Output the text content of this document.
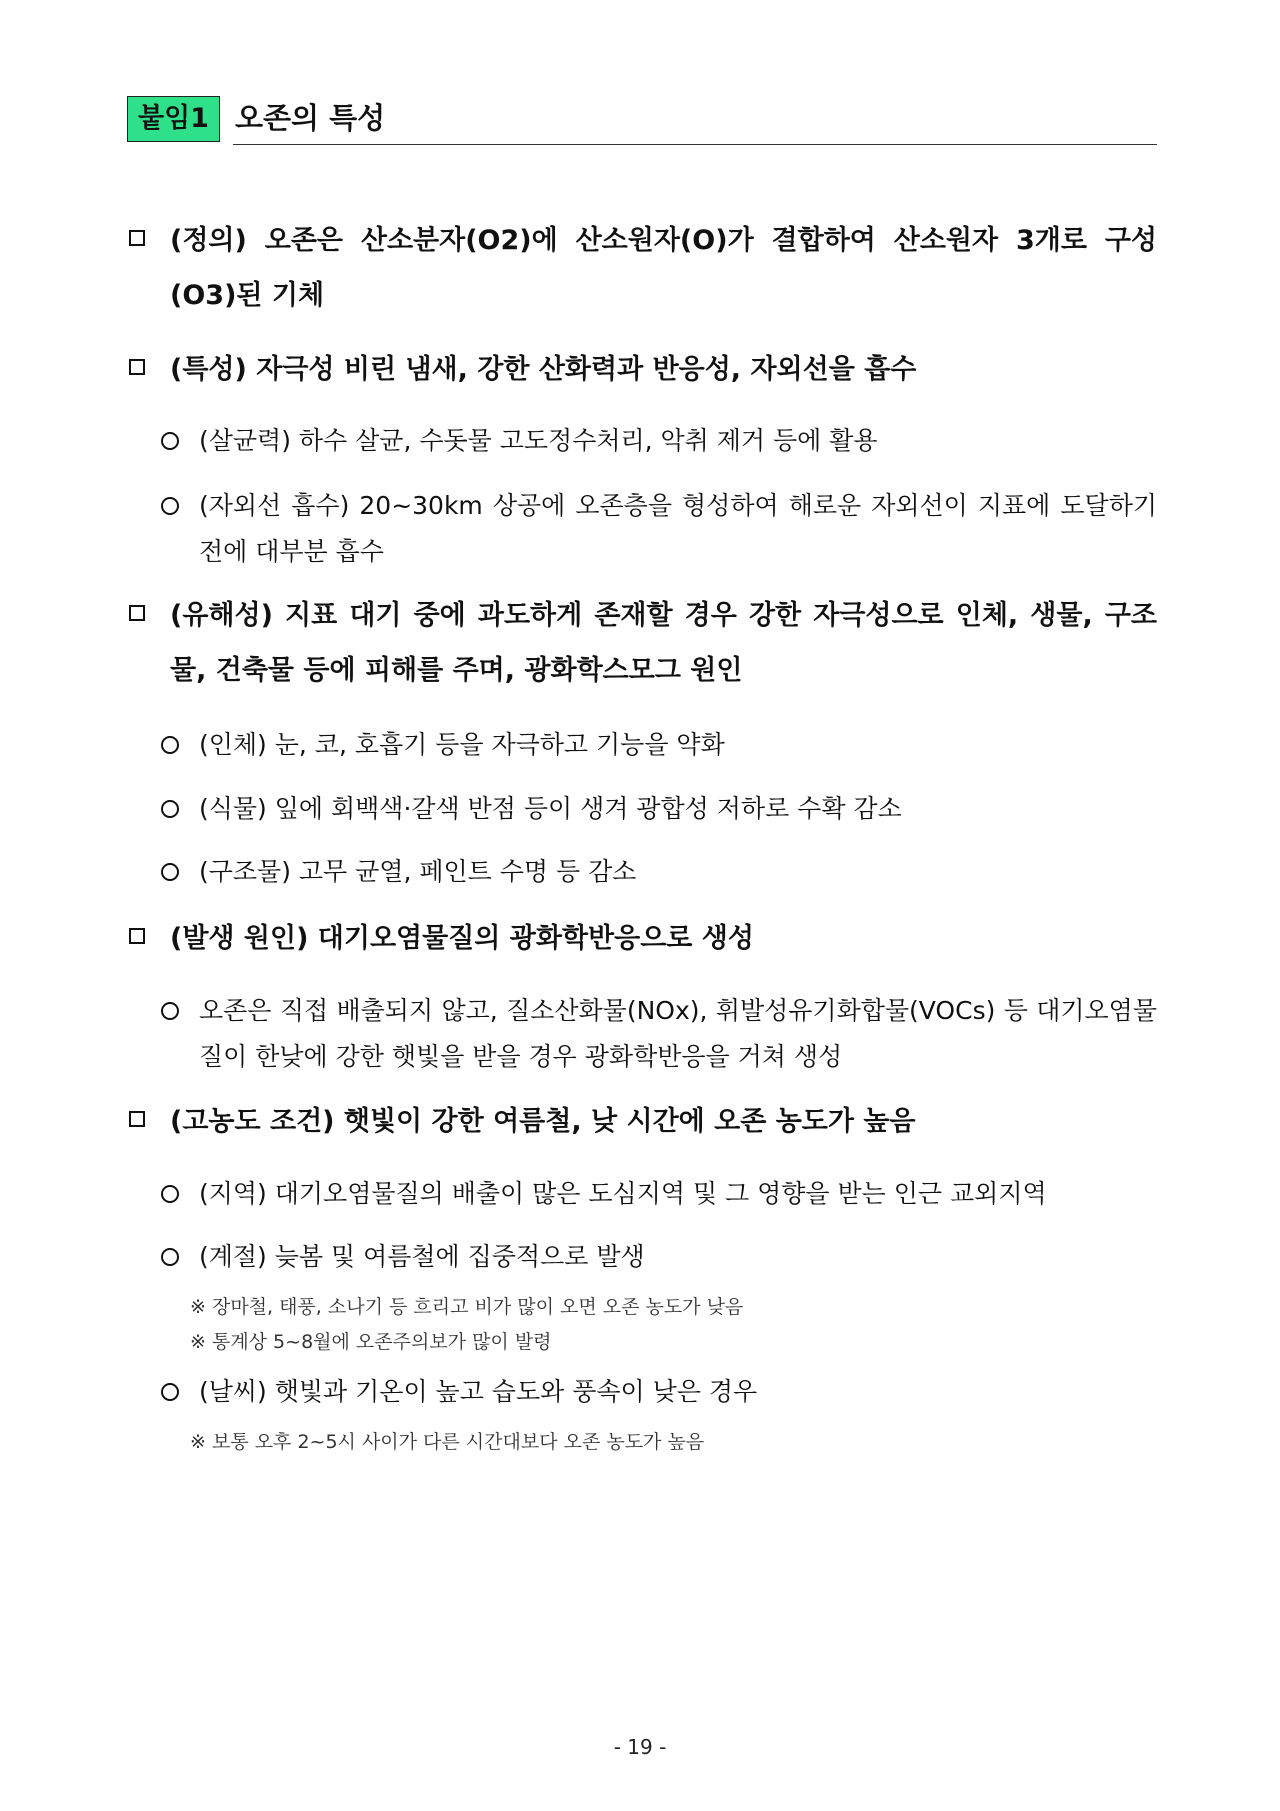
붙임1 오존의 특성
(정의) 오존은 산소분자(O2)에 산소원자(O)가 결합하여 산소원자 3개로 구성(O3)된 기체
(특성) 자극성 비린 냄새, 강한 산화력과 반응성, 자외선을 흡수
(살균력) 하수 살균, 수돗물 고도정수처리, 악취 제거 등에 활용
(자외선 흡수) 20~30km 상공에 오존층을 형성하여 해로운 자외선이 지표에 도달하기 전에 대부분 흡수
(유해성) 지표 대기 중에 과도하게 존재할 경우 강한 자극성으로 인체, 생물, 구조물, 건축물 등에 피해를 주며, 광화학스모그 원인
(인체) 눈, 코, 호흡기 등을 자극하고 기능을 약화
(식물) 잎에 회백색·갈색 반점 등이 생겨 광합성 저하로 수확 감소
(구조물) 고무 균열, 페인트 수명 등 감소
(발생 원인) 대기오염물질의 광화학반응으로 생성
오존은 직접 배출되지 않고, 질소산화물(NOx), 휘발성유기화합물(VOCs) 등 대기오염물질이 한낮에 강한 햇빛을 받을 경우 광화학반응을 거쳐 생성
(고농도 조건) 햇빛이 강한 여름철, 낮 시간에 오존 농도가 높음
(지역) 대기오염물질의 배출이 많은 도심지역 및 그 영향을 받는 인근 교외지역
(계절) 늦봄 및 여름철에 집중적으로 발생
※ 장마철, 태풍, 소나기 등 흐리고 비가 많이 오면 오존 농도가 낮음
※ 통계상 5~8월에 오존주의보가 많이 발령
(날씨) 햇빛과 기온이 높고 습도와 풍속이 낮은 경우
※ 보통 오후 2~5시 사이가 다른 시간대보다 오존 농도가 높음
- 19 -
